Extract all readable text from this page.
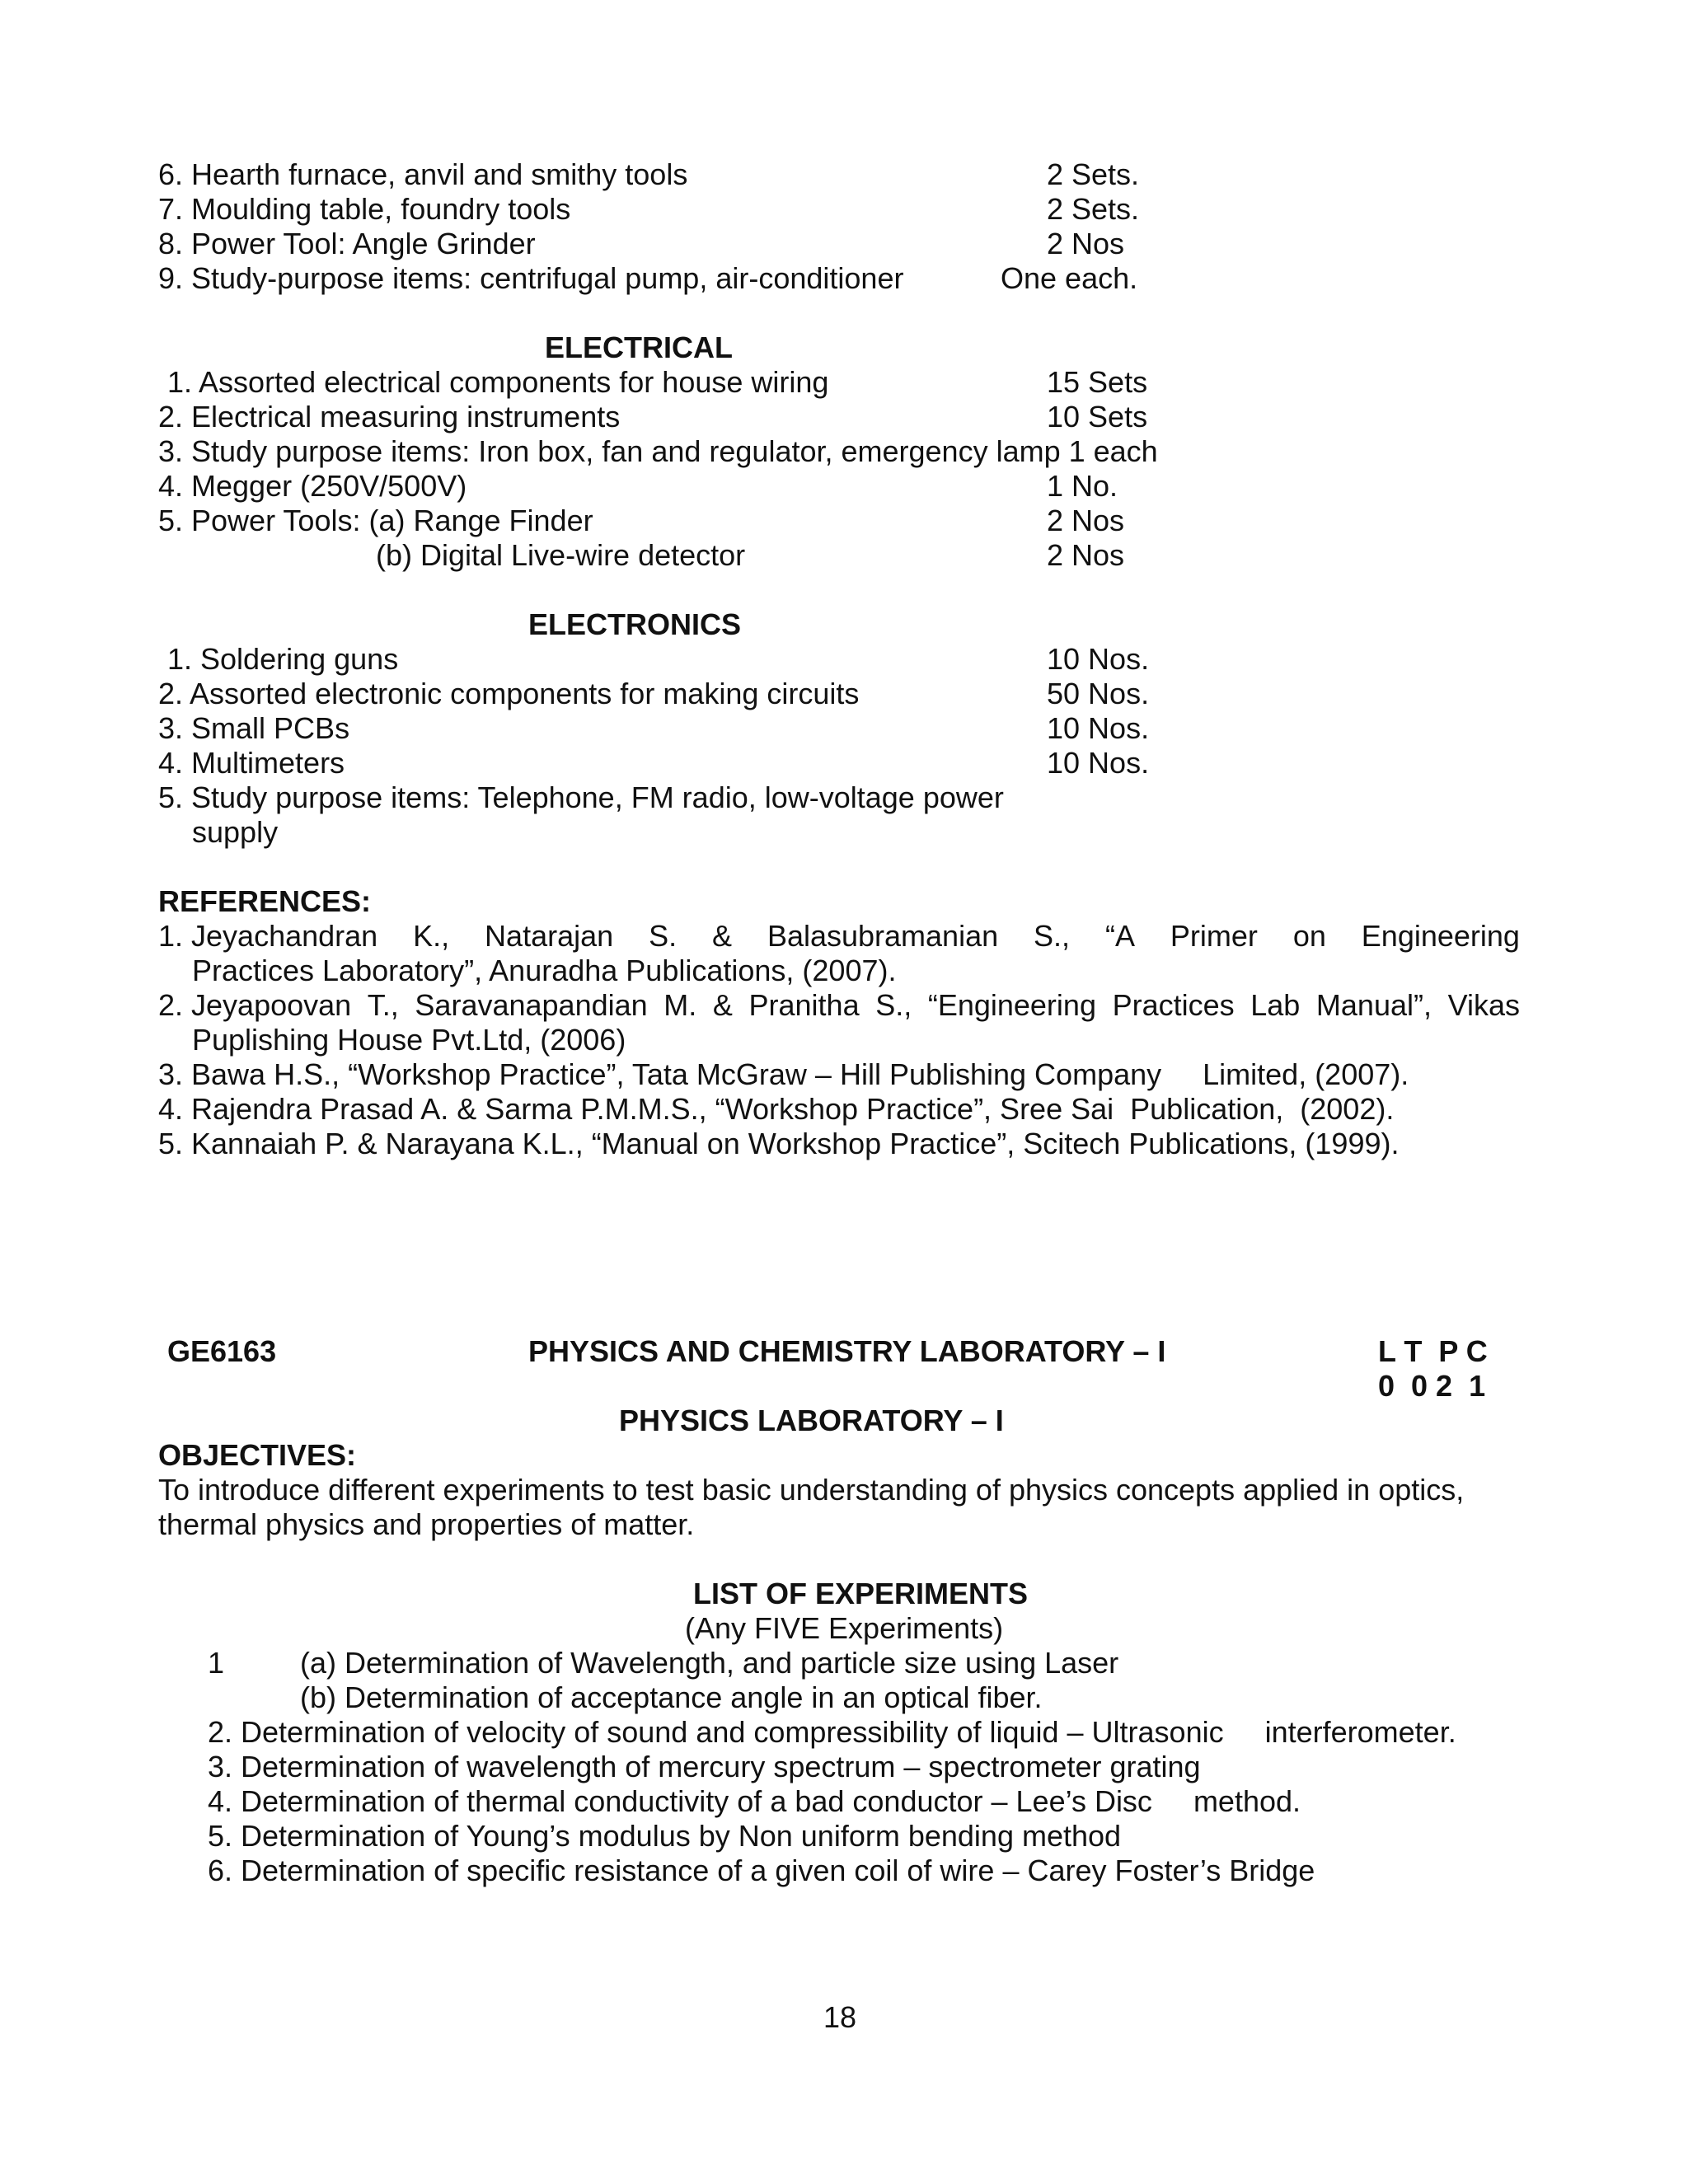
6. Hearth furnace, anvil and smithy tools	2 Sets.
7. Moulding table, foundry tools	2 Sets.
8. Power Tool: Angle Grinder	2 Nos
9. Study-purpose items: centrifugal pump, air-conditioner	One each.
ELECTRICAL
1. Assorted electrical components for house wiring	15 Sets
2. Electrical measuring instruments	10 Sets
3. Study purpose items: Iron box, fan and regulator, emergency lamp 1 each
4. Megger (250V/500V)	1 No.
5. Power Tools: (a) Range Finder	2 Nos
(b) Digital Live-wire detector	2 Nos
ELECTRONICS
1. Soldering guns	10 Nos.
2. Assorted electronic components for making circuits	50 Nos.
3. Small PCBs	10 Nos.
4. Multimeters	10 Nos.
5. Study purpose items: Telephone, FM radio, low-voltage power
supply
REFERENCES:
1. Jeyachandran K., Natarajan S. & Balasubramanian S., “A Primer on Engineering
Practices Laboratory”, Anuradha Publications, (2007).
2. Jeyapoovan T., Saravanapandian M. & Pranitha S., “Engineering Practices Lab Manual”, Vikas
Puplishing House Pvt.Ltd, (2006)
3. Bawa H.S., “Workshop Practice”, Tata McGraw – Hill Publishing Company     Limited, (2007).
4. Rajendra Prasad A. & Sarma P.M.M.S., “Workshop Practice”, Sree Sai  Publication,  (2002).
5. Kannaiah P. & Narayana K.L., “Manual on Workshop Practice”, Scitech Publications, (1999).
GE6163	PHYSICS AND CHEMISTRY LABORATORY – I	L T  P C
0  0 2  1
PHYSICS LABORATORY – I
OBJECTIVES:
To introduce different experiments to test basic understanding of physics concepts applied in optics,
thermal physics and properties of matter.
LIST OF EXPERIMENTS
(Any FIVE Experiments)
1	(a) Determination of Wavelength, and particle size using Laser
(b) Determination of acceptance angle in an optical fiber.
2. Determination of velocity of sound and compressibility of liquid – Ultrasonic     interferometer.
3. Determination of wavelength of mercury spectrum – spectrometer grating
4. Determination of thermal conductivity of a bad conductor – Lee’s Disc     method.
5. Determination of Young’s modulus by Non uniform bending method
6. Determination of specific resistance of a given coil of wire – Carey Foster’s Bridge
18
